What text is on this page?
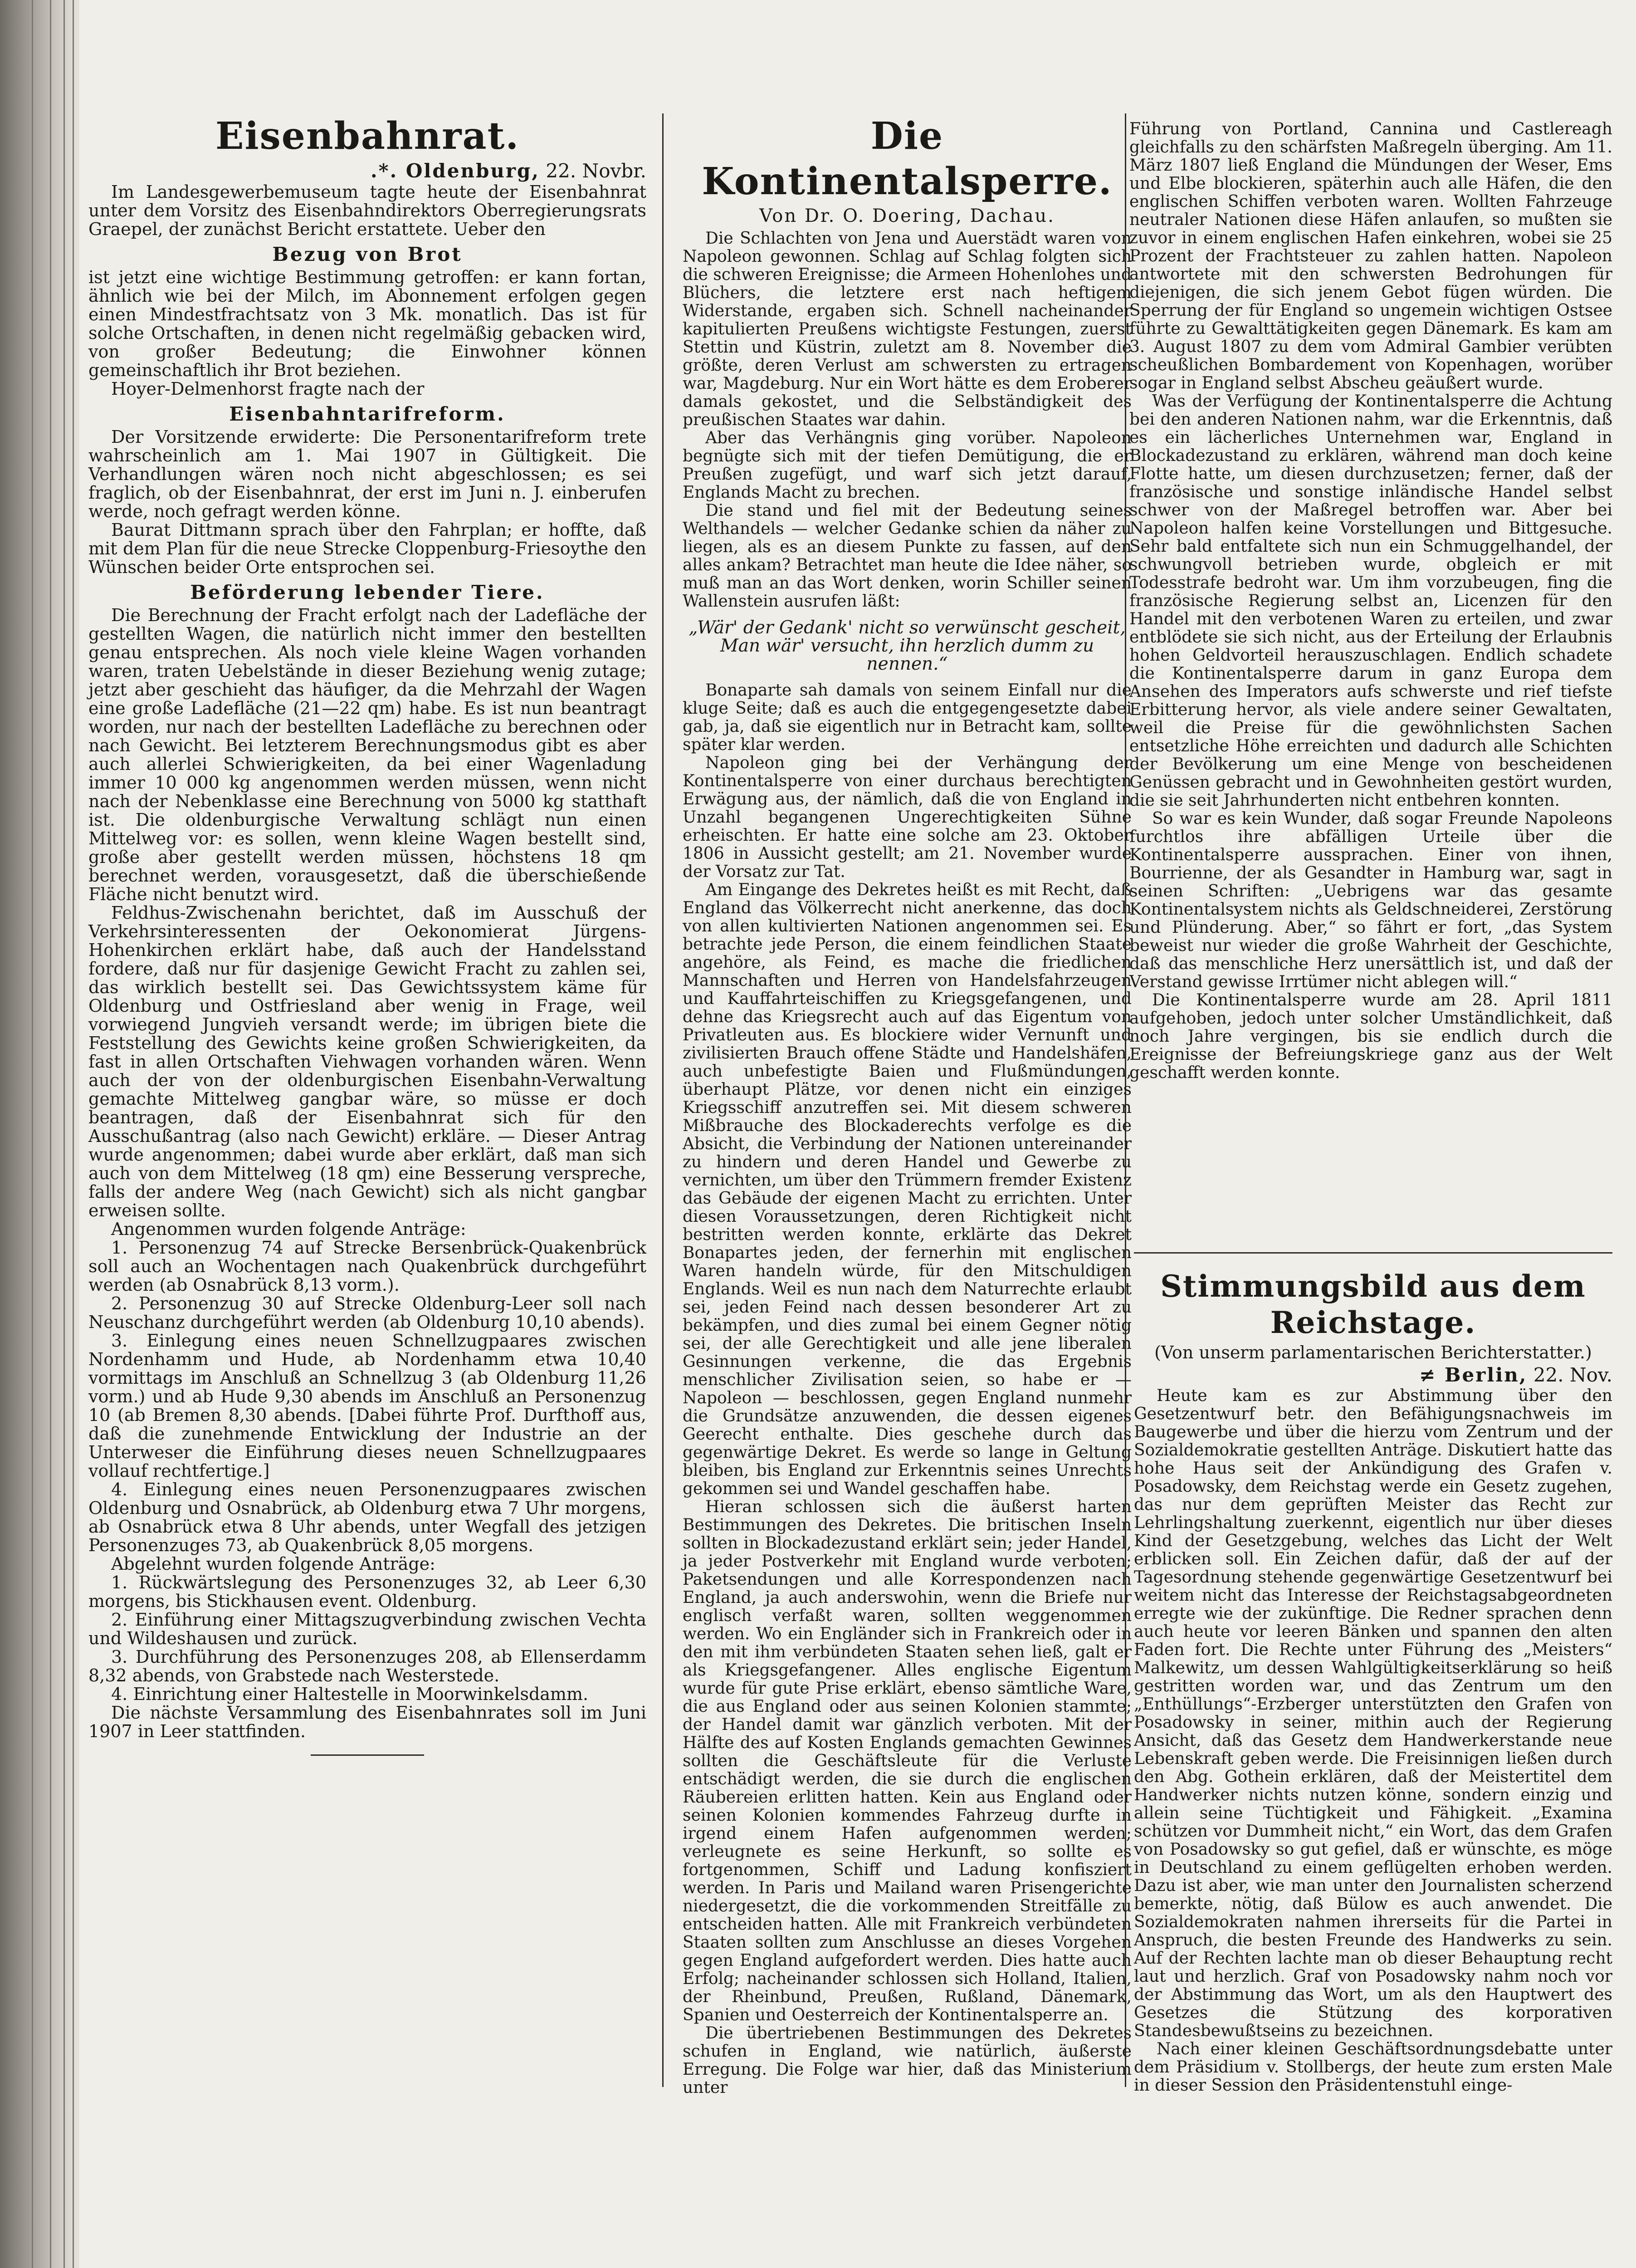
Eisenbahnrat.
.*. Oldenburg, 22. Novbr.

Im Landesgewerbemuseum tagte heute der Eisenbahnrat unter dem Vorsitz des Eisenbahndirektors Oberregierungsrats Graepel, der zunächst Bericht erstattete. Ueber den

Bezug von Brot

ist jetzt eine wichtige Bestimmung getroffen: er kann fortan, ähnlich wie bei der Milch, im Abonnement erfolgen gegen einen Mindestfrachtsatz von 3 Mk. monatlich. Das ist für solche Ortschaften, in denen nicht regelmäßig gebacken wird, von großer Bedeutung; die Einwohner können gemeinschaftlich ihr Brot beziehen.

Hoyer-Delmenhorst fragte nach der

Eisenbahntarifreform.

Der Vorsitzende erwiderte: Die Personentarifreform trete wahrscheinlich am 1. Mai 1907 in Gültigkeit. Die Verhandlungen wären noch nicht abgeschlossen; es sei fraglich, ob der Eisenbahnrat, der erst im Juni n. J. einberufen werde, noch gefragt werden könne.

Baurat Dittmann sprach über den Fahrplan; er hoffte, daß mit dem Plan für die neue Strecke Cloppenburg-Friesoythe den Wünschen beider Orte entsprochen sei.

Beförderung lebender Tiere.

Die Berechnung der Fracht erfolgt nach der Ladefläche der gestellten Wagen, die natürlich nicht immer den bestellten genau entsprechen. Als noch viele kleine Wagen vorhanden waren, traten Uebelstände in dieser Beziehung wenig zutage; jetzt aber geschieht das häufiger, da die Mehrzahl der Wagen eine große Ladefläche (21—22 qm) habe. Es ist nun beantragt worden, nur nach der bestellten Ladefläche zu berechnen oder nach Gewicht. Bei letzterem Berechnungsmodus gibt es aber auch allerlei Schwierigkeiten, da bei einer Wagenladung immer 10 000 kg angenommen werden müssen, wenn nicht nach der Nebenklasse eine Berechnung von 5000 kg statthaft ist. Die oldenburgische Verwaltung schlägt nun einen Mittelweg vor: es sollen, wenn kleine Wagen bestellt sind, große aber gestellt werden müssen, höchstens 18 qm berechnet werden, vorausgesetzt, daß die überschießende Fläche nicht benutzt wird.

Feldhus-Zwischenahn berichtet, daß im Ausschuß der Verkehrsinteressenten der Oekonomierat Jürgens-Hohenkirchen erklärt habe, daß auch der Handelsstand fordere, daß nur für dasjenige Gewicht Fracht zu zahlen sei, das wirklich bestellt sei. Das Gewichtssystem käme für Oldenburg und Ostfriesland aber wenig in Frage, weil vorwiegend Jungvieh versandt werde; im übrigen biete die Feststellung des Gewichts keine großen Schwierigkeiten, da fast in allen Ortschaften Viehwagen vorhanden wären. Wenn auch der von der oldenburgischen Eisenbahn-Verwaltung gemachte Mittelweg gangbar wäre, so müsse er doch beantragen, daß der Eisenbahnrat sich für den Ausschußantrag (also nach Gewicht) erkläre. — Dieser Antrag wurde angenommen; dabei wurde aber erklärt, daß man sich auch von dem Mittelweg (18 qm) eine Besserung verspreche, falls der andere Weg (nach Gewicht) sich als nicht gangbar erweisen sollte.

Angenommen wurden folgende Anträge:

1. Personenzug 74 auf Strecke Bersenbrück-Quakenbrück soll auch an Wochentagen nach Quakenbrück durchgeführt werden (ab Osnabrück 8,13 vorm.).

2. Personenzug 30 auf Strecke Oldenburg-Leer soll nach Neuschanz durchgeführt werden (ab Oldenburg 10,10 abends).

3. Einlegung eines neuen Schnellzugpaares zwischen Nordenhamm und Hude, ab Nordenhamm etwa 10,40 vormittags im Anschluß an Schnellzug 3 (ab Oldenburg 11,26 vorm.) und ab Hude 9,30 abends im Anschluß an Personenzug 10 (ab Bremen 8,30 abends. [Dabei führte Prof. Durfthoff aus, daß die zunehmende Entwicklung der Industrie an der Unterweser die Einführung dieses neuen Schnellzugpaares vollauf rechtfertige.]

4. Einlegung eines neuen Personenzugpaares zwischen Oldenburg und Osnabrück, ab Oldenburg etwa 7 Uhr morgens, ab Osnabrück etwa 8 Uhr abends, unter Wegfall des jetzigen Personenzuges 73, ab Quakenbrück 8,05 morgens.

Abgelehnt wurden folgende Anträge:

1. Rückwärtslegung des Personenzuges 32, ab Leer 6,30 morgens, bis Stickhausen event. Oldenburg.

2. Einführung einer Mittagszugverbindung zwischen Vechta und Wildeshausen und zurück.

3. Durchführung des Personenzuges 208, ab Ellenserdamm 8,32 abends, von Grabstede nach Westerstede.

4. Einrichtung einer Haltestelle in Moorwinkelsdamm.

Die nächste Versammlung des Eisenbahnrates soll im Juni 1907 in Leer stattfinden.

Die Kontinentalsperre.
Von Dr. O. Doering, Dachau.

Die Schlachten von Jena und Auerstädt waren von Napoleon gewonnen. Schlag auf Schlag folgten sich die schweren Ereignisse; die Armeen Hohenlohes und Blüchers, die letztere erst nach heftigem Widerstande, ergaben sich. Schnell nacheinander kapitulierten Preußens wichtigste Festungen, zuerst Stettin und Küstrin, zuletzt am 8. November die größte, deren Verlust am schwersten zu ertragen war, Magdeburg. Nur ein Wort hätte es dem Eroberer damals gekostet, und die Selbständigkeit des preußischen Staates war dahin.

Aber das Verhängnis ging vorüber. Napoleon begnügte sich mit der tiefen Demütigung, die er Preußen zugefügt, und warf sich jetzt darauf, Englands Macht zu brechen.

Die stand und fiel mit der Bedeutung seines Welthandels — welcher Gedanke schien da näher zu liegen, als es an diesem Punkte zu fassen, auf den alles ankam? Betrachtet man heute die Idee näher, so muß man an das Wort denken, worin Schiller seinen Wallenstein ausrufen läßt:

„Wär' der Gedank' nicht so verwünscht gescheit,
Man wär' versucht, ihn herzlich dumm zu nennen.“

Bonaparte sah damals von seinem Einfall nur die kluge Seite; daß es auch die entgegengesetzte dabei gab, ja, daß sie eigentlich nur in Betracht kam, sollte später klar werden.

Napoleon ging bei der Verhängung der Kontinentalsperre von einer durchaus berechtigten Erwägung aus, der nämlich, daß die von England in Unzahl begangenen Ungerechtigkeiten Sühne erheischten. Er hatte eine solche am 23. Oktober 1806 in Aussicht gestellt; am 21. November wurde der Vorsatz zur Tat.

Am Eingange des Dekretes heißt es mit Recht, daß England das Völkerrecht nicht anerkenne, das doch von allen kultivierten Nationen angenommen sei. Es betrachte jede Person, die einem feindlichen Staate angehöre, als Feind, es mache die friedlichen Mannschaften und Herren von Handelsfahrzeugen und Kauffahrteischiffen zu Kriegsgefangenen, und dehne das Kriegsrecht auch auf das Eigentum von Privatleuten aus. Es blockiere wider Vernunft und zivilisierten Brauch offene Städte und Handelshäfen, auch unbefestigte Baien und Flußmündungen, überhaupt Plätze, vor denen nicht ein einziges Kriegsschiff anzutreffen sei. Mit diesem schweren Mißbrauche des Blockaderechts verfolge es die Absicht, die Verbindung der Nationen untereinander zu hindern und deren Handel und Gewerbe zu vernichten, um über den Trümmern fremder Existenz das Gebäude der eigenen Macht zu errichten. Unter diesen Voraussetzungen, deren Richtigkeit nicht bestritten werden konnte, erklärte das Dekret Bonapartes jeden, der fernerhin mit englischen Waren handeln würde, für den Mitschuldigen Englands. Weil es nun nach dem Naturrechte erlaubt sei, jeden Feind nach dessen besonderer Art zu bekämpfen, und dies zumal bei einem Gegner nötig sei, der alle Gerechtigkeit und alle jene liberalen Gesinnungen verkenne, die das Ergebnis menschlicher Zivilisation seien, so habe er — Napoleon — beschlossen, gegen England nunmehr die Grundsätze anzuwenden, die dessen eigenes Geerecht enthalte. Dies geschehe durch das gegenwärtige Dekret. Es werde so lange in Geltung bleiben, bis England zur Erkenntnis seines Unrechts gekommen sei und Wandel geschaffen habe.

Hieran schlossen sich die äußerst harten Bestimmungen des Dekretes. Die britischen Inseln sollten in Blockadezustand erklärt sein; jeder Handel, ja jeder Postverkehr mit England wurde verboten; Paketsendungen und alle Korrespondenzen nach England, ja auch anderswohin, wenn die Briefe nur englisch verfaßt waren, sollten weggenommen werden. Wo ein Engländer sich in Frankreich oder in den mit ihm verbündeten Staaten sehen ließ, galt er als Kriegsgefangener. Alles englische Eigentum wurde für gute Prise erklärt, ebenso sämtliche Ware, die aus England oder aus seinen Kolonien stammte; der Handel damit war gänzlich verboten. Mit der Hälfte des auf Kosten Englands gemachten Gewinnes sollten die Geschäftsleute für die Verluste entschädigt werden, die sie durch die englischen Räubereien erlitten hatten. Kein aus England oder seinen Kolonien kommendes Fahrzeug durfte in irgend einem Hafen aufgenommen werden; verleugnete es seine Herkunft, so sollte es fortgenommen, Schiff und Ladung konfisziert werden. In Paris und Mailand waren Prisengerichte niedergesetzt, die die vorkommenden Streitfälle zu entscheiden hatten. Alle mit Frankreich verbündeten Staaten sollten zum Anschlusse an dieses Vorgehen gegen England aufgefordert werden. Dies hatte auch Erfolg; nacheinander schlossen sich Holland, Italien, der Rheinbund, Preußen, Rußland, Dänemark, Spanien und Oesterreich der Kontinentalsperre an.

Die übertriebenen Bestimmungen des Dekretes schufen in England, wie natürlich, äußerste Erregung. Die Folge war hier, daß das Ministerium unter

Führung von Portland, Cannina und Castlereagh gleichfalls zu den schärfsten Maßregeln überging. Am 11. März 1807 ließ England die Mündungen der Weser, Ems und Elbe blockieren, späterhin auch alle Häfen, die den englischen Schiffen verboten waren. Wollten Fahrzeuge neutraler Nationen diese Häfen anlaufen, so mußten sie zuvor in einem englischen Hafen einkehren, wobei sie 25 Prozent der Frachtsteuer zu zahlen hatten. Napoleon antwortete mit den schwersten Bedrohungen für diejenigen, die sich jenem Gebot fügen würden. Die Sperrung der für England so ungemein wichtigen Ostsee führte zu Gewalttätigkeiten gegen Dänemark. Es kam am 3. August 1807 zu dem vom Admiral Gambier verübten scheußlichen Bombardement von Kopenhagen, worüber sogar in England selbst Abscheu geäußert wurde.

Was der Verfügung der Kontinentalsperre die Achtung bei den anderen Nationen nahm, war die Erkenntnis, daß es ein lächerliches Unternehmen war, England in Blockadezustand zu erklären, während man doch keine Flotte hatte, um diesen durchzusetzen; ferner, daß der französische und sonstige inländische Handel selbst schwer von der Maßregel betroffen war. Aber bei Napoleon halfen keine Vorstellungen und Bittgesuche. Sehr bald entfaltete sich nun ein Schmuggelhandel, der schwungvoll betrieben wurde, obgleich er mit Todesstrafe bedroht war. Um ihm vorzubeugen, fing die französische Regierung selbst an, Licenzen für den Handel mit den verbotenen Waren zu erteilen, und zwar entblödete sie sich nicht, aus der Erteilung der Erlaubnis hohen Geldvorteil herauszuschlagen. Endlich schadete die Kontinentalsperre darum in ganz Europa dem Ansehen des Imperators aufs schwerste und rief tiefste Erbitterung hervor, als viele andere seiner Gewaltaten, weil die Preise für die gewöhnlichsten Sachen entsetzliche Höhe erreichten und dadurch alle Schichten der Bevölkerung um eine Menge von bescheidenen Genüssen gebracht und in Gewohnheiten gestört wurden, die sie seit Jahrhunderten nicht entbehren konnten.

So war es kein Wunder, daß sogar Freunde Napoleons furchtlos ihre abfälligen Urteile über die Kontinentalsperre aussprachen. Einer von ihnen, Bourrienne, der als Gesandter in Hamburg war, sagt in seinen Schriften: „Uebrigens war das gesamte Kontinentalsystem nichts als Geldschneiderei, Zerstörung und Plünderung. Aber,“ so fährt er fort, „das System beweist nur wieder die große Wahrheit der Geschichte, daß das menschliche Herz unersättlich ist, und daß der Verstand gewisse Irrtümer nicht ablegen will.“

Die Kontinentalsperre wurde am 28. April 1811 aufgehoben, jedoch unter solcher Umständlichkeit, daß noch Jahre vergingen, bis sie endlich durch die Ereignisse der Befreiungskriege ganz aus der Welt geschafft werden konnte.

Stimmungsbild aus dem Reichstage.
(Von unserm parlamentarischen Berichterstatter.)
≠ Berlin, 22. Nov.

Heute kam es zur Abstimmung über den Gesetzentwurf betr. den Befähigungsnachweis im Baugewerbe und über die hierzu vom Zentrum und der Sozialdemokratie gestellten Anträge. Diskutiert hatte das hohe Haus seit der Ankündigung des Grafen v. Posadowsky, dem Reichstag werde ein Gesetz zugehen, das nur dem geprüften Meister das Recht zur Lehrlingshaltung zuerkennt, eigentlich nur über dieses Kind der Gesetzgebung, welches das Licht der Welt erblicken soll. Ein Zeichen dafür, daß der auf der Tagesordnung stehende gegenwärtige Gesetzentwurf bei weitem nicht das Interesse der Reichstagsabgeordneten erregte wie der zukünftige. Die Redner sprachen denn auch heute vor leeren Bänken und spannen den alten Faden fort. Die Rechte unter Führung des „Meisters“ Malkewitz, um dessen Wahlgültigkeitserklärung so heiß gestritten worden war, und das Zentrum um den „Enthüllungs“-Erzberger unterstützten den Grafen von Posadowsky in seiner, mithin auch der Regierung Ansicht, daß das Gesetz dem Handwerkerstande neue Lebenskraft geben werde. Die Freisinnigen ließen durch den Abg. Gothein erklären, daß der Meistertitel dem Handwerker nichts nutzen könne, sondern einzig und allein seine Tüchtigkeit und Fähigkeit. „Examina schützen vor Dummheit nicht,“ ein Wort, das dem Grafen von Posadowsky so gut gefiel, daß er wünschte, es möge in Deutschland zu einem geflügelten erhoben werden. Dazu ist aber, wie man unter den Journalisten scherzend bemerkte, nötig, daß Bülow es auch anwendet. Die Sozialdemokraten nahmen ihrerseits für die Partei in Anspruch, die besten Freunde des Handwerks zu sein. Auf der Rechten lachte man ob dieser Behauptung recht laut und herzlich. Graf von Posadowsky nahm noch vor der Abstimmung das Wort, um als den Hauptwert des Gesetzes die Stützung des korporativen Standesbewußtseins zu bezeichnen.

Nach einer kleinen Geschäftsordnungsdebatte unter dem Präsidium v. Stollbergs, der heute zum ersten Male in dieser Session den Präsidentenstuhl einge-
